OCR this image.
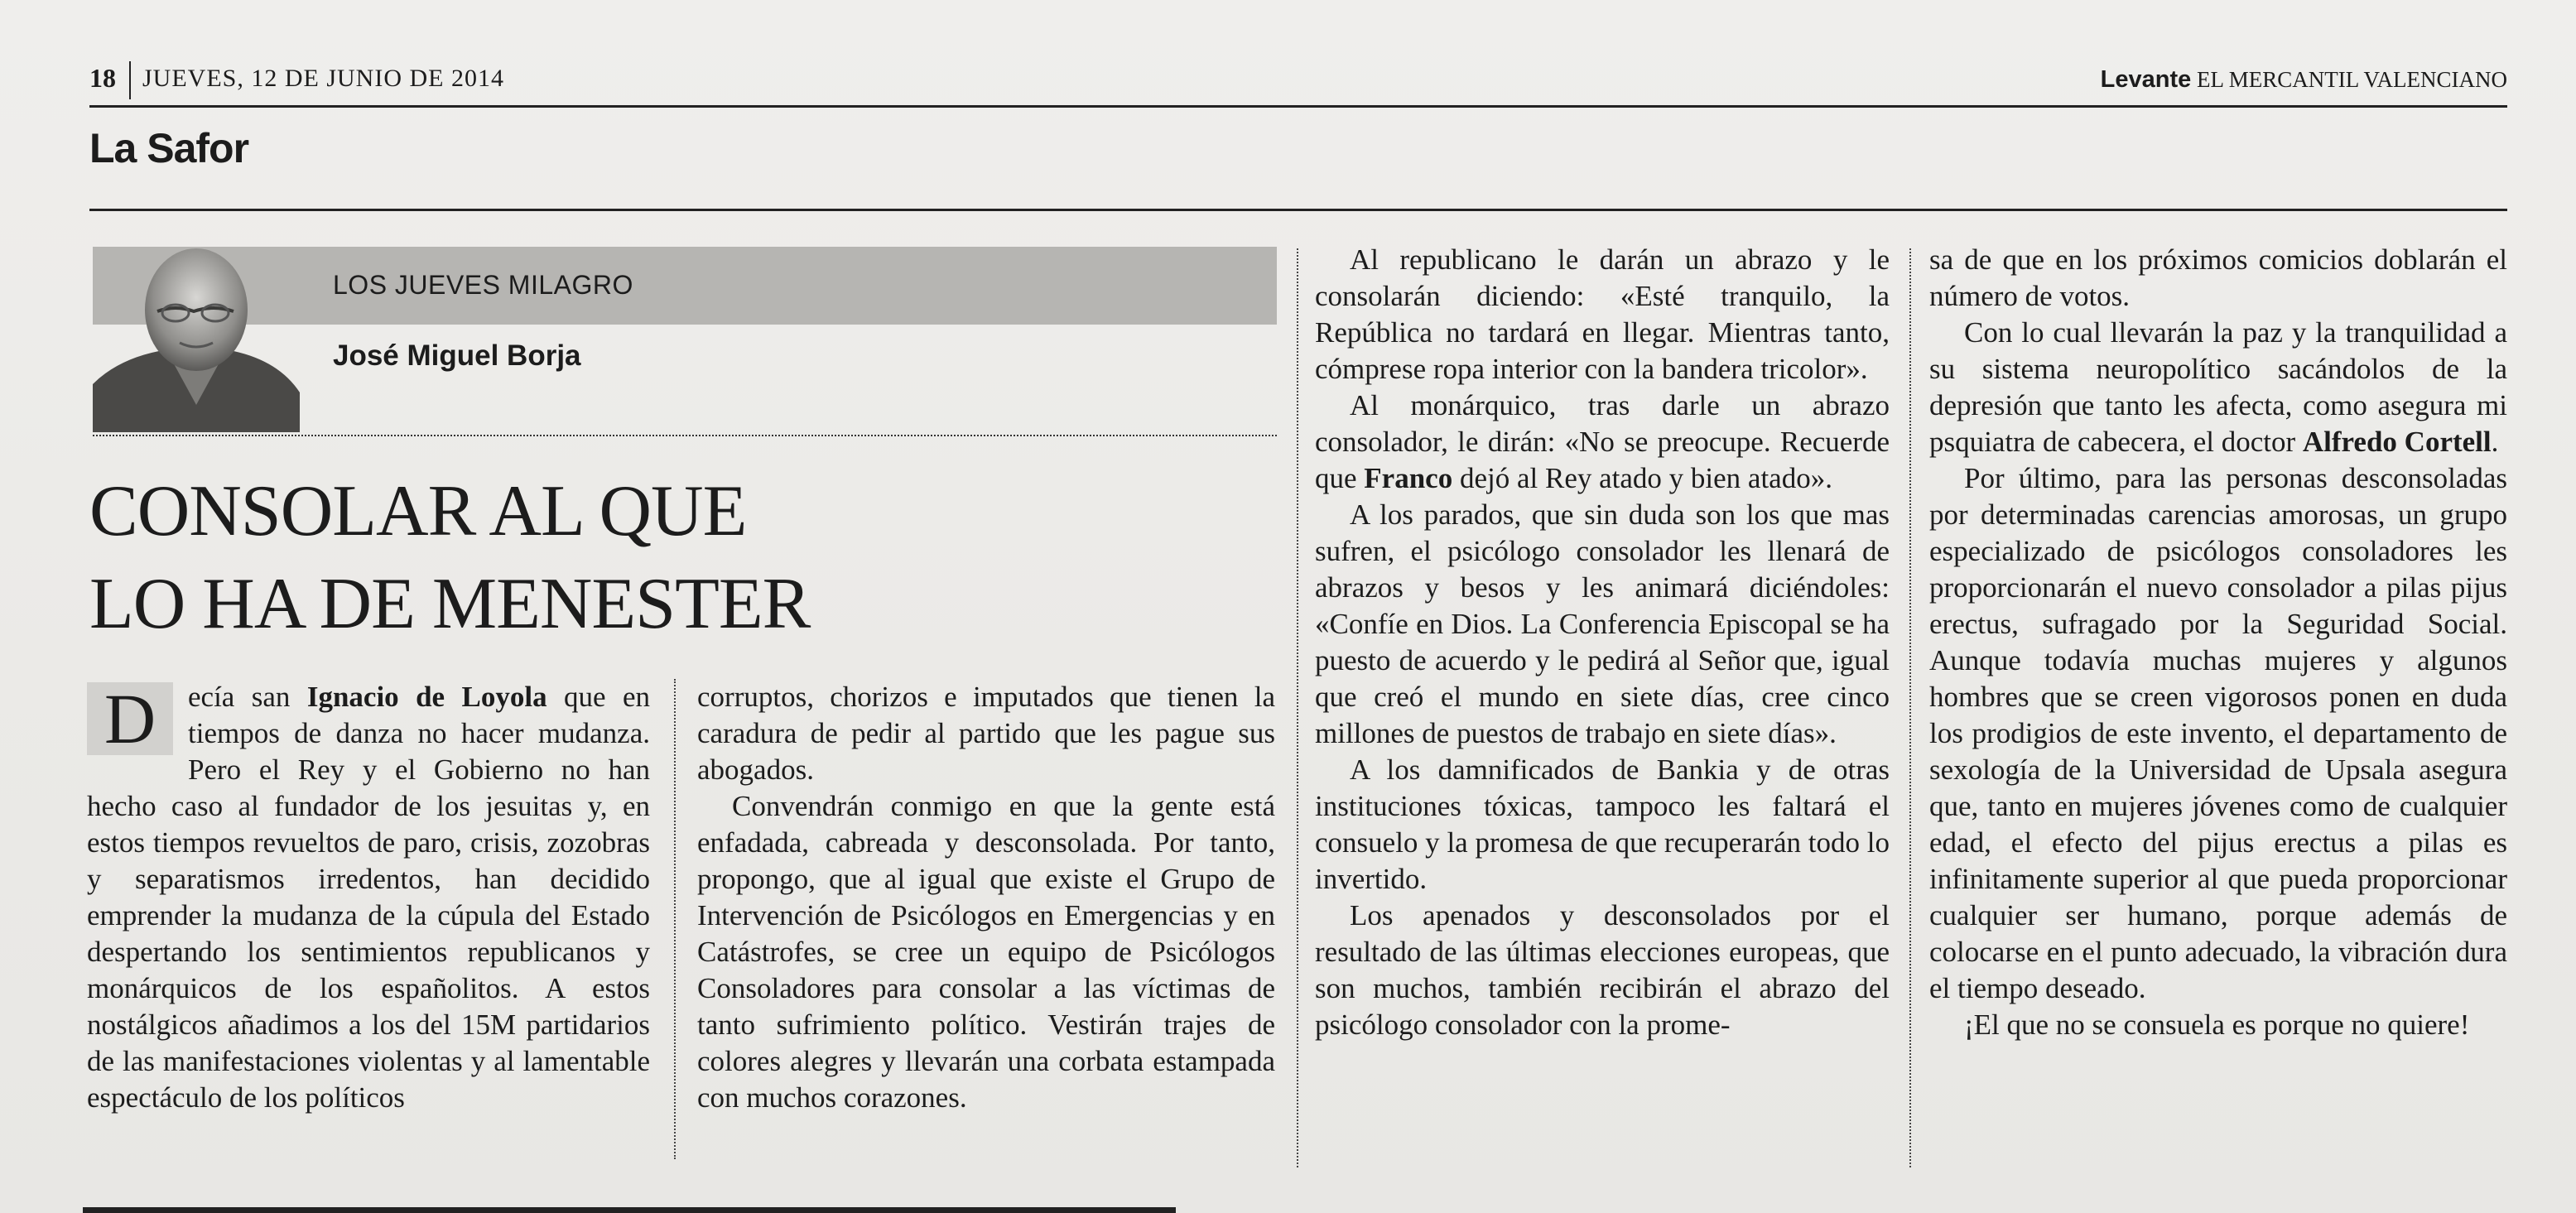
18 JUEVES, 12 DE JUNIO DE 2014	Levante EL MERCANTIL VALENCIANO
La Safor
LOS JUEVES MILAGRO
José Miguel Borja
CONSOLAR AL QUE
LO HA DE MENESTER

D	ecía san Ignacio de Loyola que en tiempos de danza no hacer mudanza. Pero el Rey y el Gobierno no han hecho caso al fundador de los jesuitas y, en estos tiempos revueltos de paro, crisis, zozobras y separatismos irredentos, han decidido emprender la mudanza de la cúpula del Estado despertando los sentimientos republicanos y monárquicos de los españolitos. A estos nostálgicos añadimos a los del 15M partidarios de las manifestaciones violentas y al lamentable espectáculo de los políticos

corruptos, chorizos e imputados que tienen la caradura de pedir al partido que les pague sus abogados.

Convendrán conmigo en que la gente está enfadada, cabreada y desconsolada. Por tanto, propongo, que al igual que existe el Grupo de Intervención de Psicólogos en Emergencias y en Catástrofes, se cree un equipo de Psicólogos Consoladores para consolar a las víctimas de tanto sufrimiento político. Vestirán trajes de colores alegres y llevarán una corbata estampada con muchos corazones.

Al republicano le darán un abrazo y le consolarán diciendo: «Esté tranquilo, la República no tardará en llegar. Mientras tanto, cómprese ropa interior con la bandera tricolor».

Al monárquico, tras darle un abrazo consolador, le dirán: «No se preocupe. Recuerde que Franco dejó al Rey atado y bien atado».

A los parados, que sin duda son los que mas sufren, el psicólogo consolador les llenará de abrazos y besos y les animará diciéndoles: «Confíe en Dios. La Conferencia Episcopal se ha puesto de acuerdo y le pedirá al Señor que, igual que creó el mundo en siete días, cree cinco millones de puestos de trabajo en siete días».

A los damnificados de Bankia y de otras instituciones tóxicas, tampoco les faltará el consuelo y la promesa de que recuperarán todo lo invertido.

Los apenados y desconsolados por el resultado de las últimas elecciones europeas, que son muchos, también recibirán el abrazo del psicólogo consolador con la prome-

sa de que en los próximos comicios doblarán el número de votos.

Con lo cual llevarán la paz y la tranquilidad a su sistema neuropolítico sacándolos de la depresión que tanto les afecta, como asegura mi psquiatra de cabecera, el doctor Alfredo Cortell.

Por último, para las personas desconsoladas por determinadas carencias amorosas, un grupo especializado de psicólogos consoladores les proporcionarán el nuevo consolador a pilas pijus erectus, sufragado por la Seguridad Social. Aunque todavía muchas mujeres y algunos hombres que se creen vigorosos ponen en duda los prodigios de este invento, el departamento de sexología de la Universidad de Upsala asegura que, tanto en mujeres jóvenes como de cualquier edad, el efecto del pijus erectus a pilas es infinitamente superior al que pueda proporcionar cualquier ser humano, porque además de colocarse en el punto adecuado, la vibración dura el tiempo deseado.

¡El que no se consuela es porque no quiere!
